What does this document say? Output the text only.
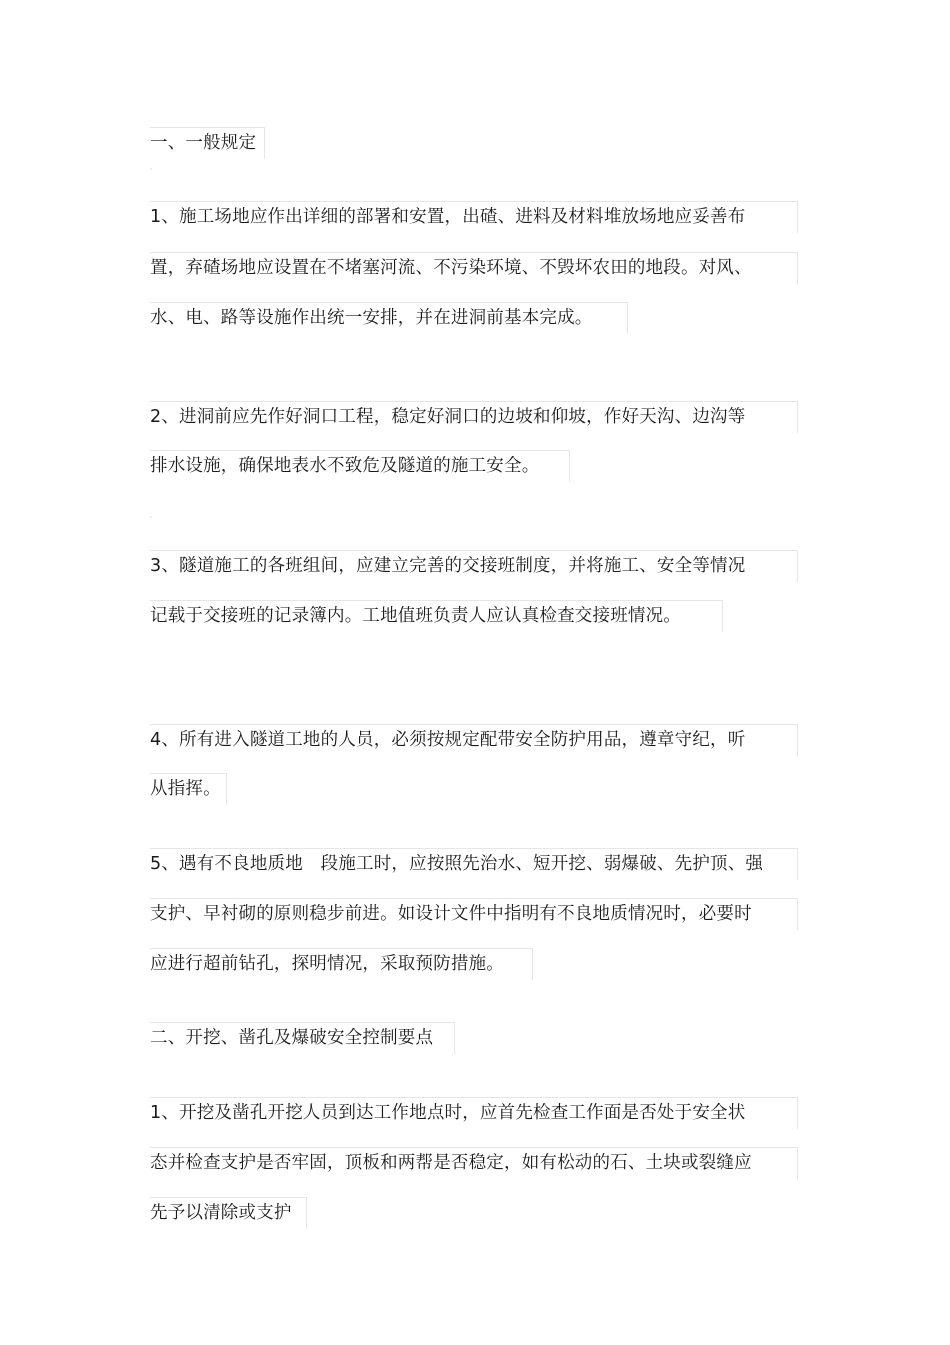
一、一般规定
1、施工场地应作出详细的部署和安置，出碴、进料及材料堆放场地应妥善布
置，弃碴场地应设置在不堵塞河流、不污染环境、不毁坏农田的地段。对风、
水、电、路等设施作出统一安排，并在进洞前基本完成。
2、进洞前应先作好洞口工程，稳定好洞口的边坡和仰坡，作好天沟、边沟等
排水设施，确保地表水不致危及隧道的施工安全。
3、隧道施工的各班组间，应建立完善的交接班制度，并将施工、安全等情况
记载于交接班的记录簿内。工地值班负责人应认真检查交接班情况。
4、所有进入隧道工地的人员，必须按规定配带安全防护用品，遵章守纪，听
从指挥。
5、遇有不良地质地　段施工时，应按照先治水、短开挖、弱爆破、先护顶、强
支护、早衬砌的原则稳步前进。如设计文件中指明有不良地质情况时，必要时
应进行超前钻孔，探明情况，采取预防措施。
二、开挖、凿孔及爆破安全控制要点
1、开挖及凿孔开挖人员到达工作地点时，应首先检查工作面是否处于安全状
态并检查支护是否牢固，顶板和两帮是否稳定，如有松动的石、土块或裂缝应
先予以清除或支护
